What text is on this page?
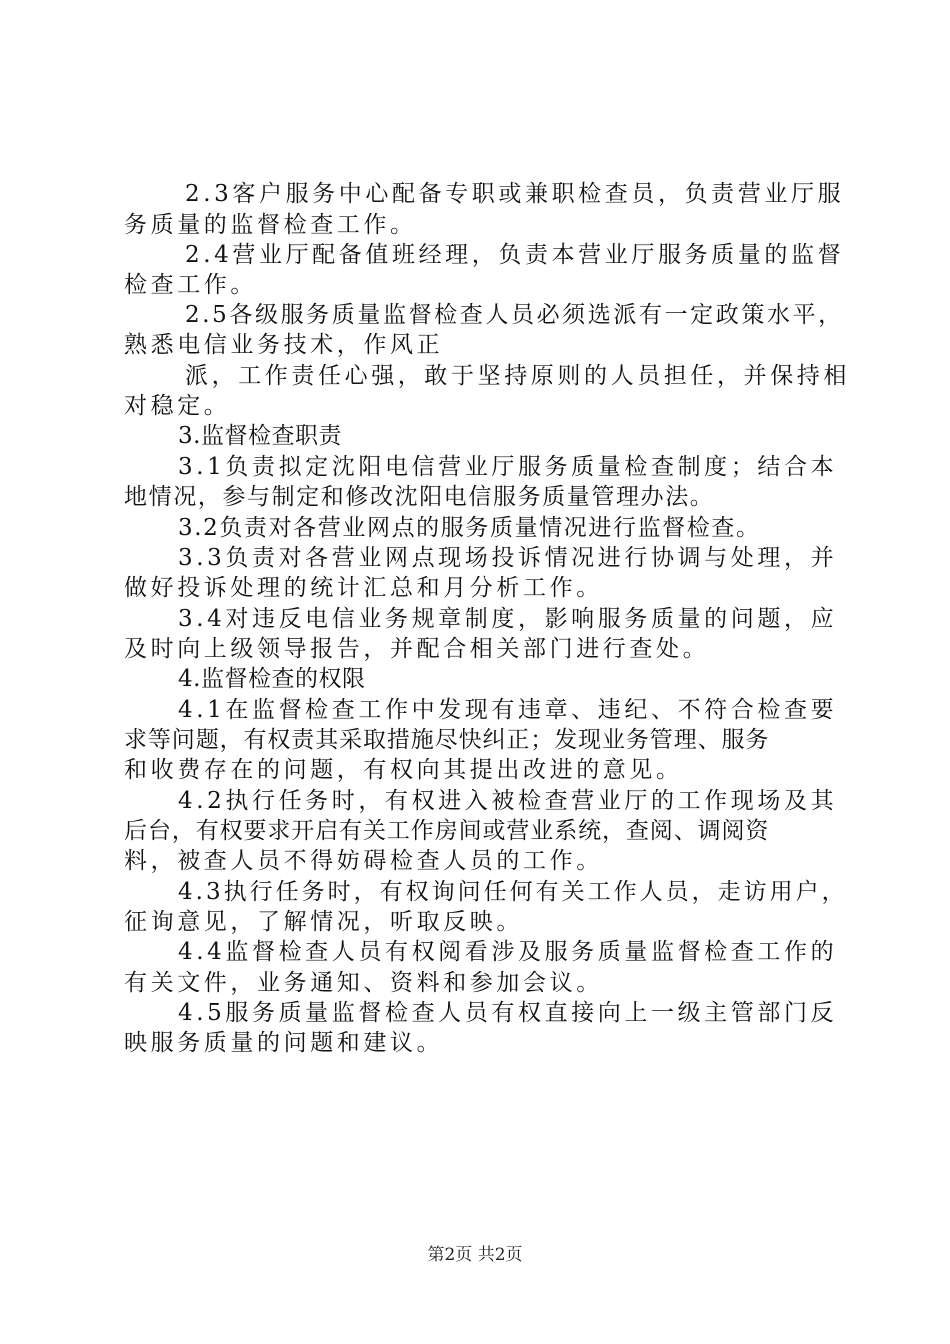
2.3客户服务中心配备专职或兼职检查员，负责营业厅服
务质量的监督检查工作。
2.4营业厅配备值班经理，负责本营业厅服务质量的监督
检查工作。
2.5各级服务质量监督检查人员必须选派有一定政策水平，
熟悉电信业务技术，作风正
派，工作责任心强，敢于坚持原则的人员担任，并保持相
对稳定。
3.监督检查职责
3.1负责拟定沈阳电信营业厅服务质量检查制度；结合本
地情况，参与制定和修改沈阳电信服务质量管理办法。
3.2负责对各营业网点的服务质量情况进行监督检查。
3.3负责对各营业网点现场投诉情况进行协调与处理，并
做好投诉处理的统计汇总和月分析工作。
3.4对违反电信业务规章制度，影响服务质量的问题，应
及时向上级领导报告，并配合相关部门进行查处。
4.监督检查的权限
4.1在监督检查工作中发现有违章、违纪、不符合检查要
求等问题，有权责其采取措施尽快纠正；发现业务管理、服务
和收费存在的问题，有权向其提出改进的意见。
4.2执行任务时，有权进入被检查营业厅的工作现场及其
后台，有权要求开启有关工作房间或营业系统，查阅、调阅资
料，被查人员不得妨碍检查人员的工作。
4.3执行任务时，有权询问任何有关工作人员，走访用户，
征询意见，了解情况，听取反映。
4.4监督检查人员有权阅看涉及服务质量监督检查工作的
有关文件，业务通知、资料和参加会议。
4.5服务质量监督检查人员有权直接向上一级主管部门反
映服务质量的问题和建议。
第2页 共2页
